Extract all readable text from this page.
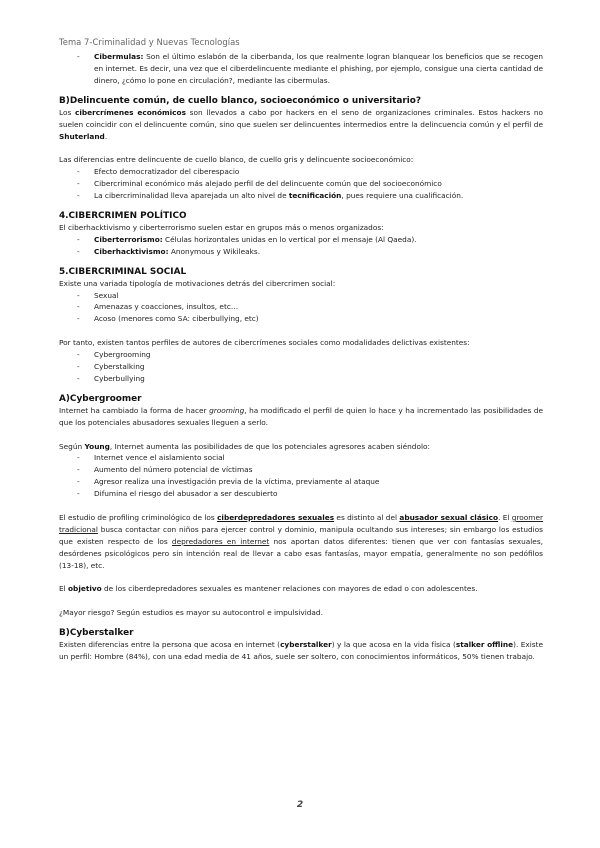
Tema 7-Criminalidad y Nuevas Tecnologías
- Cibermulas: Son el último eslabón de la ciberbanda, los que realmente logran blanquear los beneficios que se recogen en internet. Es decir, una vez que el ciberdelincuente mediante el phishing, por ejemplo, consigue una cierta cantidad de dinero, ¿cómo lo pone en circulación?, mediante las cibermulas.
B)Delincuente común, de cuello blanco, socioeconómico o universitario?

Los cibercrímenes económicos son llevados a cabo por hackers en el seno de organizaciones criminales. Estos hackers no suelen coincidir con el delincuente común, sino que suelen ser delincuentes intermedios entre la delincuencia común y el perfil de Shuterland.

Las diferencias entre delincuente de cuello blanco, de cuello gris y delincuente socioeconómico:

- Efecto democratizador del ciberespacio
- Cibercriminal económico más alejado perfil de del delincuente común que del socioeconómico
- La cibercriminalidad lleva aparejada un alto nivel de tecnificación, pues requiere una cualificación.
4.CIBERCRIMEN POLÍTICO

El ciberhacktivismo y ciberterrorismo suelen estar en grupos más o menos organizados:

- Ciberterrorismo: Células horizontales unidas en lo vertical por el mensaje (Al Qaeda).
- Ciberhacktivismo: Anonymous y Wikileaks.
5.CIBERCRIMINAL SOCIAL

Existe una variada tipología de motivaciones detrás del cibercrimen social:

- Sexual
- Amenazas y coacciones, insultos, etc…
- Acoso (menores como SA: ciberbullying, etc)

Por tanto, existen tantos perfiles de autores de cibercrímenes sociales como modalidades delictivas existentes:

- Cybergrooming
- Cyberstalking
- Cyberbullying
A)Cybergroomer

Internet ha cambiado la forma de hacer grooming, ha modificado el perfil de quien lo hace y ha incrementado las posibilidades de que los potenciales abusadores sexuales lleguen a serlo.

Según Young, Internet aumenta las posibilidades de que los potenciales agresores acaben siéndolo:

- Internet vence el aislamiento social
- Aumento del número potencial de víctimas
- Agresor realiza una investigación previa de la víctima, previamente al ataque
- Difumina el riesgo del abusador a ser descubierto

El estudio de profiling criminológico de los ciberdepredadores sexuales es distinto al del abusador sexual clásico. El groomer tradicional busca contactar con niños para ejercer control y dominio, manipula ocultando sus intereses; sin embargo los estudios que existen respecto de los depredadores en internet nos aportan datos diferentes: tienen que ver con fantasías sexuales, desórdenes psicológicos pero sin intención real de llevar a cabo esas fantasías, mayor empatía, generalmente no son pedófilos (13-18), etc.

El objetivo de los ciberdepredadores sexuales es mantener relaciones con mayores de edad o con adolescentes.

¿Mayor riesgo? Según estudios es mayor su autocontrol e impulsividad.

B)Cyberstalker

Existen diferencias entre la persona que acosa en internet (cyberstalker) y la que acosa en la vida física (stalker offline). Existe un perfil: Hombre (84%), con una edad media de 41 años, suele ser soltero, con conocimientos informáticos, 50% tienen trabajo.

2
